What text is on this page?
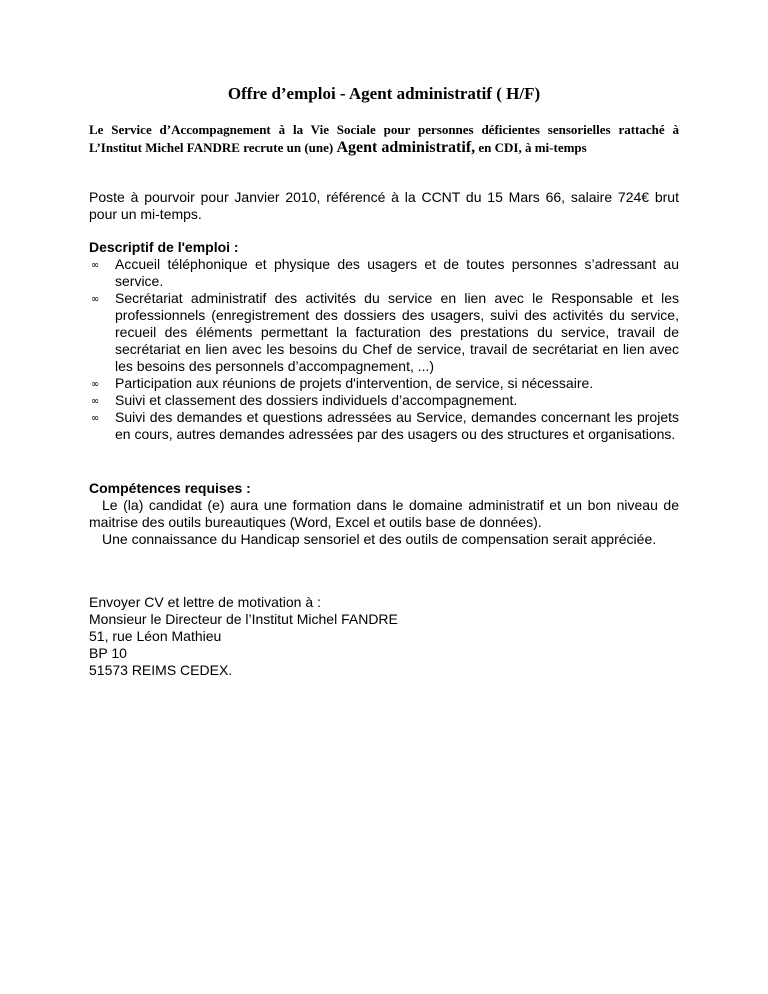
Offre d’emploi - Agent administratif ( H/F)

Le Service d’Accompagnement à la Vie Sociale pour personnes déficientes sensorielles rattaché à L’Institut Michel FANDRE recrute un (une) Agent administratif, en CDI, à mi-temps

Poste à pourvoir pour Janvier 2010, référencé à la CCNT du 15 Mars 66, salaire 724€ brut pour un mi-temps.

Descriptif de l'emploi :

∞ Accueil téléphonique et physique des usagers et de toutes personnes s’adressant au service.
∞ Secrétariat administratif des activités du service en lien avec le Responsable et les professionnels (enregistrement des dossiers des usagers, suivi des activités du service, recueil des éléments permettant la facturation des prestations du service, travail de secrétariat en lien avec les besoins du Chef de service, travail de secrétariat en lien avec les besoins des personnels d’accompagnement, ...)
∞ Participation aux réunions de projets d'intervention, de service, si nécessaire.
∞ Suivi et classement des dossiers individuels d’accompagnement.
∞ Suivi des demandes et questions adressées au Service, demandes concernant les projets en cours, autres demandes adressées par des usagers ou des structures et organisations.

Compétences requises :

Le (la) candidat (e) aura une formation dans le domaine administratif et un bon niveau de maitrise des outils bureautiques (Word, Excel et outils base de données).

Une connaissance du Handicap sensoriel et des outils de compensation serait appréciée.

Envoyer CV et lettre de motivation à :
Monsieur le Directeur de l’Institut Michel FANDRE
51, rue Léon Mathieu
BP 10
51573 REIMS CEDEX.
